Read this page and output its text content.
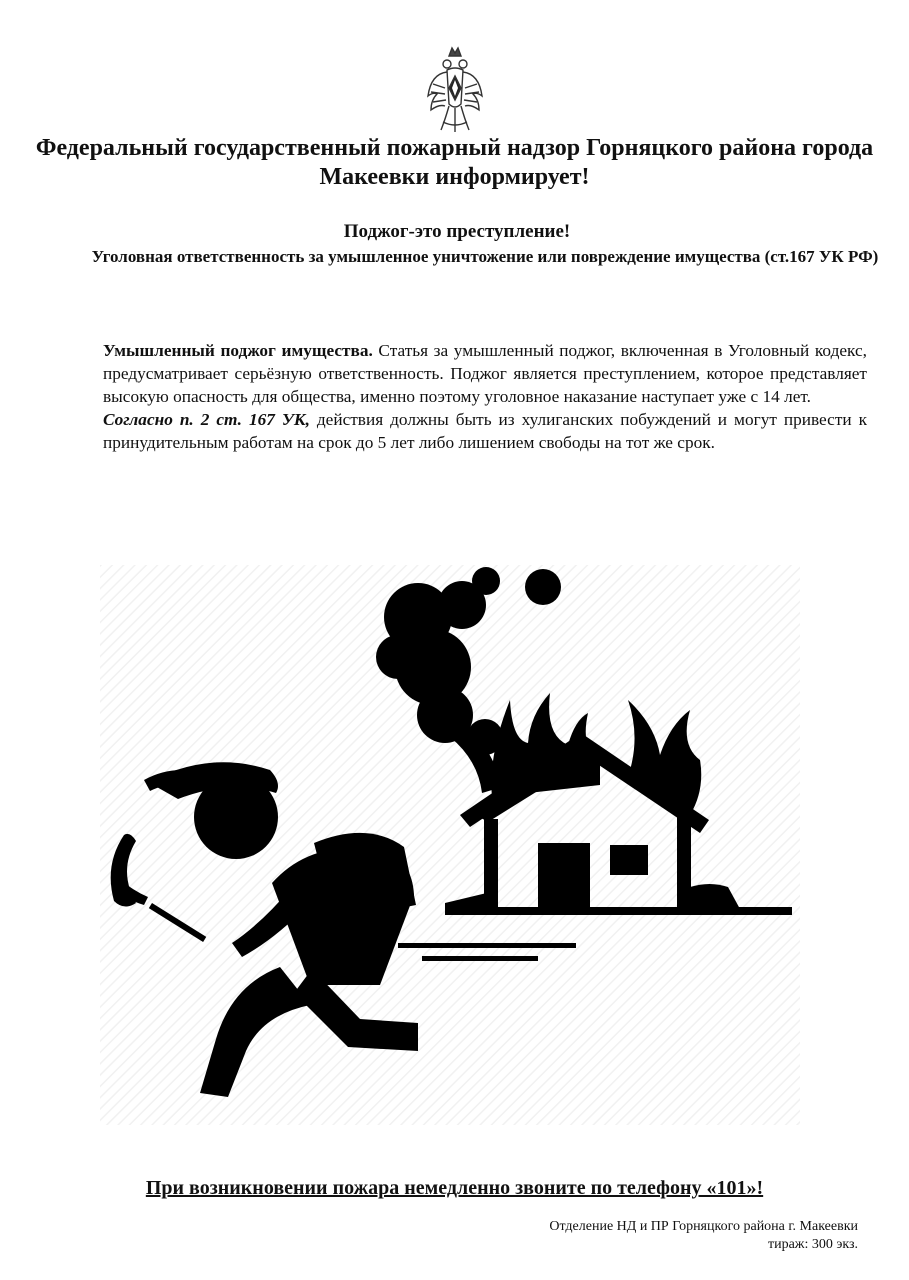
Федеральный государственный пожарный надзор Горняцкого района города Макеевки информирует!
Поджог-это преступление!
Уголовная ответственность за умышленное уничтожение или повреждение имущества (ст.167 УК РФ)

Умышленный поджог имущества. Статья за умышленный поджог, включенная в Уголовный кодекс, предусматривает серьёзную ответственность. Поджог является преступлением, которое представляет высокую опасность для общества, именно поэтому уголовное наказание наступает уже с 14 лет.

Согласно п. 2 ст. 167 УК, действия должны быть из хулиганских побуждений и могут привести к принудительным работам на срок до 5 лет либо лишением свободы на тот же срок.

При возникновении пожара немедленно звоните по телефону «101»!
Отделение НД и ПР Горняцкого района г. Макеевки
тираж: 300 экз.
